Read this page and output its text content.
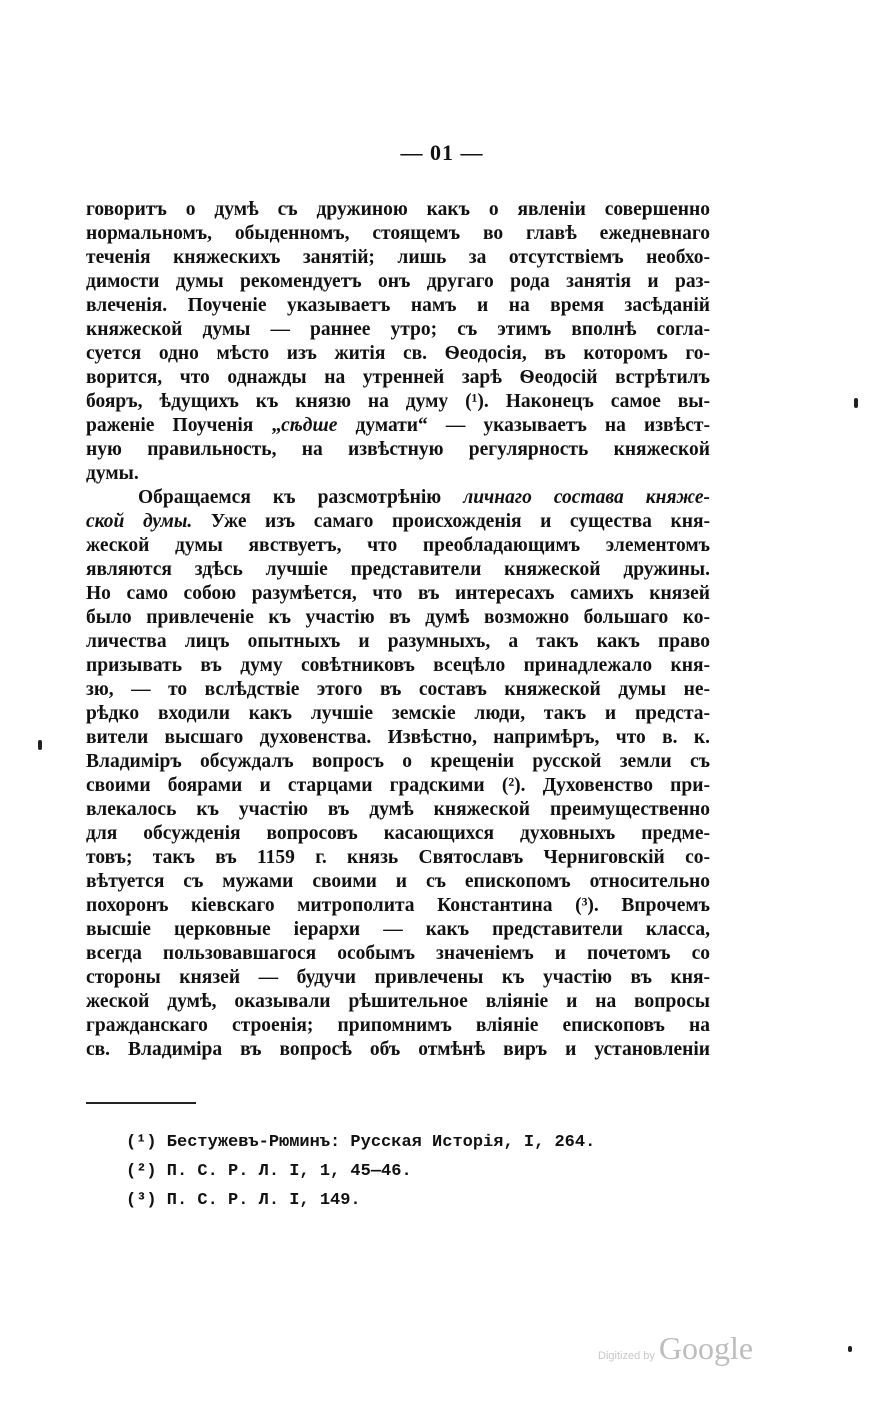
— 01 —
говоритъ о думѣ съ дружиною какъ о явленіи совершенно
нормальномъ, обыденномъ, стоящемъ во главѣ ежедневнаго
теченія княжескихъ занятій; лишь за отсутствіемъ необхо-
димости думы рекомендуетъ онъ другаго рода занятія и раз-
влеченія. Поученіе указываетъ намъ и на время засѣданій
княжеской думы — раннее утро; съ этимъ вполнѣ согла-
суется одно мѣсто изъ житія св. Ѳеодосія, въ которомъ го-
ворится, что однажды на утренней зарѣ Ѳеодосій встрѣтилъ
бояръ, ѣдущихъ къ князю на думу (¹). Наконецъ самое вы-
раженіе Поученія „сѣдше думати“ — указываетъ на извѣст-
ную правильность, на извѣстную регулярность княжеской
думы.
Обращаемся къ разсмотрѣнію личнаго состава княже-
ской думы. Уже изъ самаго происхожденія и существа кня-
жеской думы явствуетъ, что преобладающимъ элементомъ
являются здѣсь лучшіе представители княжеской дружины.
Но само собою разумѣется, что въ интересахъ самихъ князей
было привлеченіе къ участію въ думѣ возможно большаго ко-
личества лицъ опытныхъ и разумныхъ, а такъ какъ право
призывать въ думу совѣтниковъ всецѣло принадлежало кня-
зю, — то вслѣдствіе этого въ составъ княжеской думы не-
рѣдко входили какъ лучшіе земскіе люди, такъ и предста-
вители высшаго духовенства. Извѣстно, напримѣръ, что в. к.
Владиміръ обсуждалъ вопросъ о крещеніи русской земли съ
своими боярами и старцами градскими (²). Духовенство при-
влекалось къ участію въ думѣ княжеской преимущественно
для обсужденія вопросовъ касающихся духовныхъ предме-
товъ; такъ въ 1159 г. князь Святославъ Черниговскій со-
вѣтуется съ мужами своими и съ епископомъ относительно
похоронъ кіевскаго митрополита Константина (³). Впрочемъ
высшіе церковные іерархи — какъ представители класса,
всегда пользовавшагося особымъ значеніемъ и почетомъ со
стороны князей — будучи привлечены къ участію въ кня-
жеской думѣ, оказывали рѣшительное вліяніе и на вопросы
гражданскаго строенія; припомнимъ вліяніе епископовъ на
св. Владиміра въ вопросѣ объ отмѣнѣ виръ и установленіи
(¹) Бестужевъ-Рюминъ: Русская Исторія, I, 264.
(²) П. С. Р. Л. I, 1, 45—46.
(³) П. С. Р. Л. I, 149.
Digitized by Google
